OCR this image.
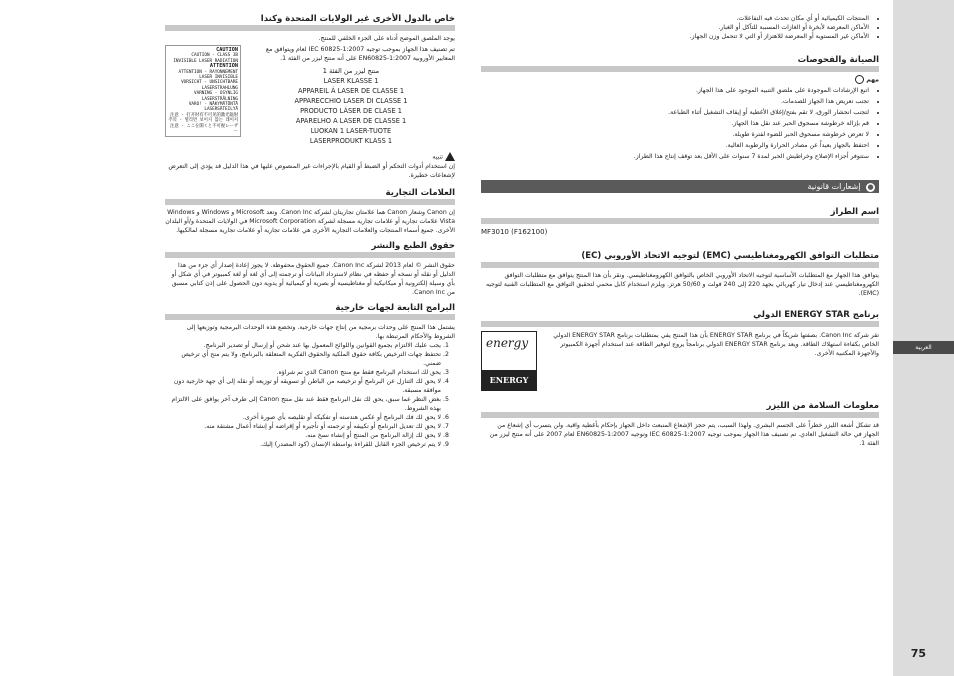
العربية
75
خاص بالدول الأخرى غير الولايات المتحدة وكندا
يوجد الملصق الموضح أدناه على الجزء الخلفي للمنتج.
تم تصنيف هذا الجهاز بموجب توجيه IEC 60825-1:2007 لعام ويتوافق مع المعايير الأوروبية EN60825-1:2007 على أنه منتج ليزر من الفئة 1.
منتج ليزر من الفئة 1
LASER KLASSE 1
APPAREIL À LASER DE CLASSE 1
APPARECCHIO LASER DI CLASSE 1
PRODUCTO LÁSER DE CLASE 1
APARELHO A LASER DE CLASSE 1
LUOKAN 1 LASER-TUOTE
LASERPRODUKT KLASS 1
CAUTION
CAUTION - CLASS 3B INVISIBLE LASER RADIATION
ATTENTION
ATTENTION - RAYONNEMENT LASER INVISIBLE
VORSICHT - UNSICHTBARE LASERSTRAHLUNG
VARNING - OSYNLIG LASERSTRÅLNING
VARO! - NÄKYMÄTÖNTÄ LASERSÄTEILYÄ
注意 - 打开时有不可见的激光辐射
주의 - 열리면 보이지 않는 레이저
注意 - ここを開くと不可視レーザー
تنبيه
إن استخدام أدوات التحكم أو الضبط أو القيام بالإجراءات غير المنصوص عليها في هذا الدليل قد يؤدي إلى التعرض لإشعاعات خطيرة.
العلامات التجارية
إن Canon وشعار Canon هما علامتان تجاريتان لشركة Canon Inc. وتعد Microsoft و Windows و Windows Vista علامات تجارية أو علامات تجارية مسجلة لشركة Microsoft Corporation في الولايات المتحدة و/أو البلدان الأخرى. جميع أسماء المنتجات والعلامات التجارية الأخرى هي علامات تجارية أو علامات تجارية مسجلة لمالكيها.
حقوق الطبع والنشر
حقوق النشر © لعام 2013 لشركة Canon Inc. جميع الحقوق محفوظة. لا يجوز إعادة إصدار أي جزء من هذا الدليل أو نقله أو نسخه أو حفظه في نظام لاسترداد البيانات أو ترجمته إلى أي لغة أو لغة كمبيوتر في أي شكل أو بأي وسيلة إلكترونية أو ميكانيكية أو مغناطيسية أو بصرية أو كيميائية أو يدوية دون الحصول على إذن كتابي مسبق من Canon Inc.
البرامج التابعة لجهات خارجية
يشتمل هذا المنتج على وحدات برمجية من إنتاج جهات خارجية. وتخضع هذه الوحدات البرمجية وتوزيعها إلى الشروط والأحكام المرتبطة بها.
1. يجب عليك الالتزام بجميع القوانين واللوائح المعمول بها عند شحن أو إرسال أو تصدير البرنامج.
2. تحتفظ جهات الترخيص بكافة حقوق الملكية والحقوق الفكرية المتعلقة بالبرنامج، ولا يتم منح أي ترخيص ضمني.
3. يحق لك استخدام البرنامج فقط مع منتج Canon الذي تم شراؤه.
4. لا يحق لك التنازل عن البرنامج أو ترخيصه من الباطن أو تسويقه أو توزيعه أو نقله إلى أي جهة خارجية دون موافقة مسبقة.
5. بغض النظر عما سبق، يحق لك نقل البرنامج فقط عند نقل منتج Canon إلى طرف آخر يوافق على الالتزام بهذه الشروط.
6. لا يحق لك فك البرنامج أو عكس هندسته أو تفكيكه أو تقليصه بأي صورة أخرى.
7. لا يحق لك تعديل البرنامج أو تكييفه أو ترجمته أو تأجيره أو إقراضه أو إنشاء أعمال مشتقة منه.
8. لا يحق لك إزالة البرنامج من المنتج أو إنشاء نسخ منه.
9. لا يتم ترخيص الجزء القابل للقراءة بواسطة الإنسان (كود المصدر) إليك.
• المنتجات الكيميائية أو أي مكان تحدث فيه التفاعلات.
• الأماكن المعرضة لأبخرة أو الغازات المسببة للتآكل أو الغبار.
• الأماكن غير المستوية أو المعرضة للاهتزاز أو التي لا تتحمل وزن الجهاز.
الصيانة والفحوصات
مهم
• اتبع الإرشادات الموجودة على ملصق التنبيه الموجود على هذا الجهاز.
• تجنب تعريض هذا الجهاز للصدمات.
• لتجنب انحشار الورق، لا تقم بفتح/إغلاق الأغطية أو إيقاف التشغيل أثناء الطباعة.
• قم بإزالة خرطوشة مسحوق الحبر عند نقل هذا الجهاز.
• لا تعرض خرطوشة مسحوق الحبر للضوء لفترة طويلة.
• احتفظ بالجهاز بعيداً عن مصادر الحرارة والرطوبة العالية.
• ستتوفر أجزاء الإصلاح وخراطيش الحبر لمدة 7 سنوات على الأقل بعد توقف إنتاج هذا الطراز.
● إشعارات قانونية
اسم الطراز
MF3010 (F162100)
متطلبات التوافق الكهرومغناطيسي (EMC) لتوجيه الاتحاد الأوروبي (EC)
يتوافق هذا الجهاز مع المتطلبات الأساسية لتوجيه الاتحاد الأوروبي الخاص بالتوافق الكهرومغناطيسي. ونقر بأن هذا المنتج يتوافق مع متطلبات التوافق الكهرومغناطيسي عند إدخال تيار كهربائي بجهد 220 إلى 240 فولت و 50/60 هرتز. ويلزم استخدام كابل محمي لتحقيق التوافق مع المتطلبات الفنية لتوجيه (EMC).
برنامج ENERGY STAR الدولي
تقر شركة Canon Inc. بصفتها شريكاً في برنامج ENERGY STAR بأن هذا المنتج يفي بمتطلبات برنامج ENERGY STAR الدولي الخاص بكفاءة استهلاك الطاقة. ويعد برنامج ENERGY STAR الدولي برنامجاً يروج لتوفير الطاقة عند استخدام أجهزة الكمبيوتر والأجهزة المكتبية الأخرى.
energy
ENERGY STAR
معلومات السلامة من الليزر
قد تشكل أشعة الليزر خطراً على الجسم البشري. ولهذا السبب، يتم حجز الإشعاع المنبعث داخل الجهاز بإحكام بأغطية واقية. ولن يتسرب أي إشعاع من الجهاز في حالة التشغيل العادي. تم تصنيف هذا الجهاز بموجب توجيه IEC 60825-1:2007 وتوجيه EN60825-1:2007 لعام 2007 على أنه منتج ليزر من الفئة 1.
